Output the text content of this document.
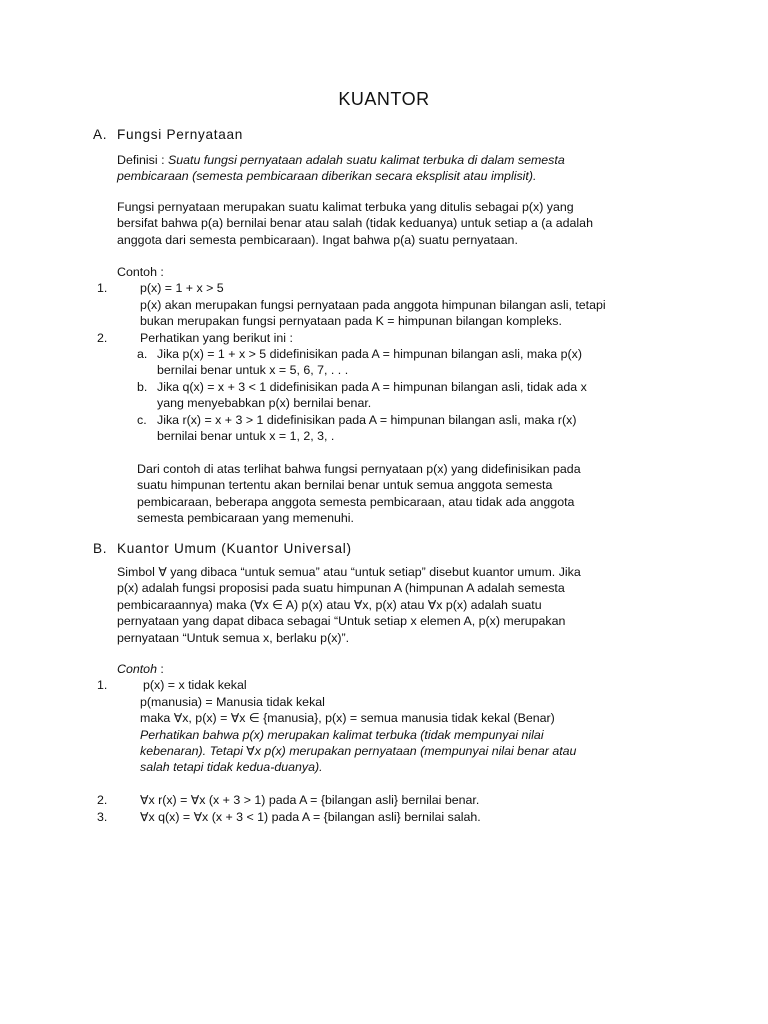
KUANTOR
A. Fungsi Pernyataan

Definisi : Suatu fungsi pernyataan adalah suatu kalimat terbuka di dalam semesta

pembicaraan (semesta pembicaraan diberikan secara eksplisit atau implisit).

Fungsi pernyataan merupakan suatu kalimat terbuka yang ditulis sebagai p(x) yang

bersifat bahwa p(a) bernilai benar atau salah (tidak keduanya) untuk setiap a (a adalah

anggota dari semesta pembicaraan). Ingat bahwa p(a) suatu pernyataan.

Contoh :

1.	p(x) = 1 + x > 5

p(x) akan merupakan fungsi pernyataan pada anggota himpunan bilangan asli, tetapi

bukan merupakan fungsi pernyataan pada K = himpunan bilangan kompleks.

2.	Perhatikan yang berikut ini :
a. Jika p(x) = 1 + x > 5 didefinisikan pada A = himpunan bilangan asli, maka p(x)

bernilai benar untuk x = 5, 6, 7, . . .

b. Jika q(x) = x + 3 < 1 didefinisikan pada A = himpunan bilangan asli, tidak ada x

yang menyebabkan p(x) bernilai benar.

c. Jika r(x) = x + 3 > 1 didefinisikan pada A = himpunan bilangan asli, maka r(x)

bernilai benar untuk x = 1, 2, 3, .

Dari contoh di atas terlihat bahwa fungsi pernyataan p(x) yang didefinisikan pada

suatu himpunan tertentu akan bernilai benar untuk semua anggota semesta

pembicaraan, beberapa anggota semesta pembicaraan, atau tidak ada anggota

semesta pembicaraan yang memenuhi.

B. Kuantor Umum (Kuantor Universal)

Simbol ∀ yang dibaca “untuk semua” atau “untuk setiap” disebut kuantor umum. Jika

p(x) adalah fungsi proposisi pada suatu himpunan A (himpunan A adalah semesta

pembicaraannya) maka (∀x ∈ A) p(x) atau ∀x, p(x) atau ∀x p(x) adalah suatu

pernyataan yang dapat dibaca sebagai “Untuk setiap x elemen A, p(x) merupakan

pernyataan “Untuk semua x, berlaku p(x)”.

Contoh :

1.	p(x) = x tidak kekal

p(manusia) = Manusia tidak kekal

maka ∀x, p(x) = ∀x ∈ {manusia}, p(x) = semua manusia tidak kekal (Benar)

Perhatikan bahwa p(x) merupakan kalimat terbuka (tidak mempunyai nilai

kebenaran). Tetapi ∀x p(x) merupakan pernyataan (mempunyai nilai benar atau

salah tetapi tidak kedua-duanya).

2.	∀x r(x) = ∀x (x + 3 > 1) pada A = {bilangan asli} bernilai benar.
3.	∀x q(x) = ∀x (x + 3 < 1) pada A = {bilangan asli} bernilai salah.
